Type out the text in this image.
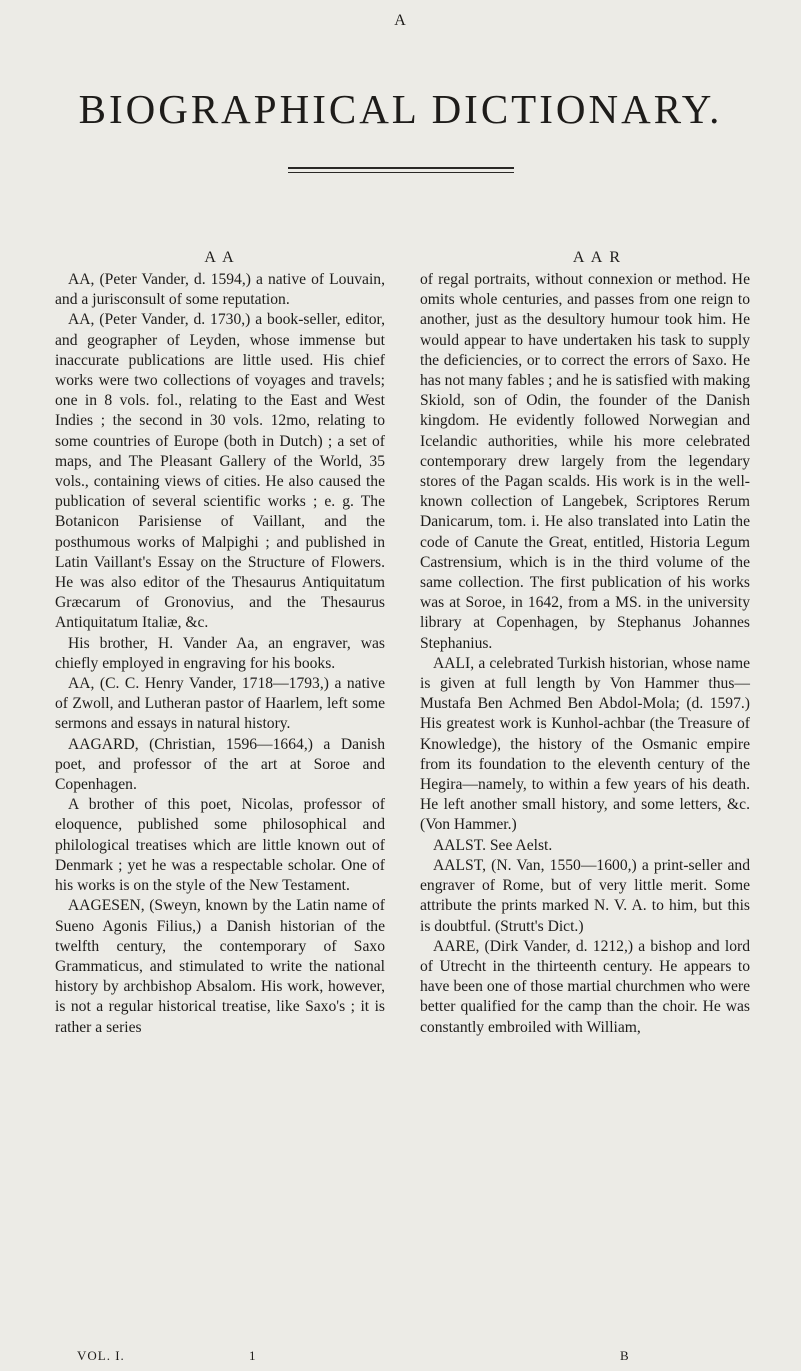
A
BIOGRAPHICAL DICTIONARY.
A A

AA, (Peter Vander, d. 1594,) a native of Louvain, and a jurisconsult of some reputation.

AA, (Peter Vander, d. 1730,) a book-seller, editor, and geographer of Leyden, whose immense but inaccurate publications are little used. His chief works were two collections of voyages and travels; one in 8 vols. fol., relating to the East and West Indies ; the second in 30 vols. 12mo, relating to some countries of Europe (both in Dutch) ; a set of maps, and The Pleasant Gallery of the World, 35 vols., containing views of cities. He also caused the publication of several scientific works ; e. g. The Botanicon Parisiense of Vaillant, and the posthumous works of Malpighi ; and published in Latin Vaillant's Essay on the Structure of Flowers. He was also editor of the Thesaurus Antiquitatum Græcarum of Gronovius, and the Thesaurus Antiquitatum Italiæ, &c.

His brother, H. Vander Aa, an engraver, was chiefly employed in engraving for his books.

AA, (C. C. Henry Vander, 1718—1793,) a native of Zwoll, and Lutheran pastor of Haarlem, left some sermons and essays in natural history.

AAGARD, (Christian, 1596—1664,) a Danish poet, and professor of the art at Soroe and Copenhagen.

A brother of this poet, Nicolas, professor of eloquence, published some philosophical and philological treatises which are little known out of Denmark ; yet he was a respectable scholar. One of his works is on the style of the New Testament.

AAGESEN, (Sweyn, known by the Latin name of Sueno Agonis Filius,) a Danish historian of the twelfth century, the contemporary of Saxo Grammaticus, and stimulated to write the national history by archbishop Absalom. His work, however, is not a regular historical treatise, like Saxo's ; it is rather a series

A A R

of regal portraits, without connexion or method. He omits whole centuries, and passes from one reign to another, just as the desultory humour took him. He would appear to have undertaken his task to supply the deficiencies, or to correct the errors of Saxo. He has not many fables ; and he is satisfied with making Skiold, son of Odin, the founder of the Danish kingdom. He evidently followed Norwegian and Icelandic authorities, while his more celebrated contemporary drew largely from the legendary stores of the Pagan scalds. His work is in the well-known collection of Langebek, Scriptores Rerum Danicarum, tom. i. He also translated into Latin the code of Canute the Great, entitled, Historia Legum Castrensium, which is in the third volume of the same collection. The first publication of his works was at Soroe, in 1642, from a MS. in the university library at Copenhagen, by Stephanus Johannes Stephanius.

AALI, a celebrated Turkish historian, whose name is given at full length by Von Hammer thus—Mustafa Ben Achmed Ben Abdol-Mola; (d. 1597.) His greatest work is Kunhol-achbar (the Treasure of Knowledge), the history of the Osmanic empire from its foundation to the eleventh century of the Hegira—namely, to within a few years of his death. He left another small history, and some letters, &c. (Von Hammer.)

AALST. See Aelst.

AALST, (N. Van, 1550—1600,) a print-seller and engraver of Rome, but of very little merit. Some attribute the prints marked N. V. A. to him, but this is doubtful. (Strutt's Dict.)

AARE, (Dirk Vander, d. 1212,) a bishop and lord of Utrecht in the thirteenth century. He appears to have been one of those martial churchmen who were better qualified for the camp than the choir. He was constantly embroiled with William,

VOL. I.	1	B
